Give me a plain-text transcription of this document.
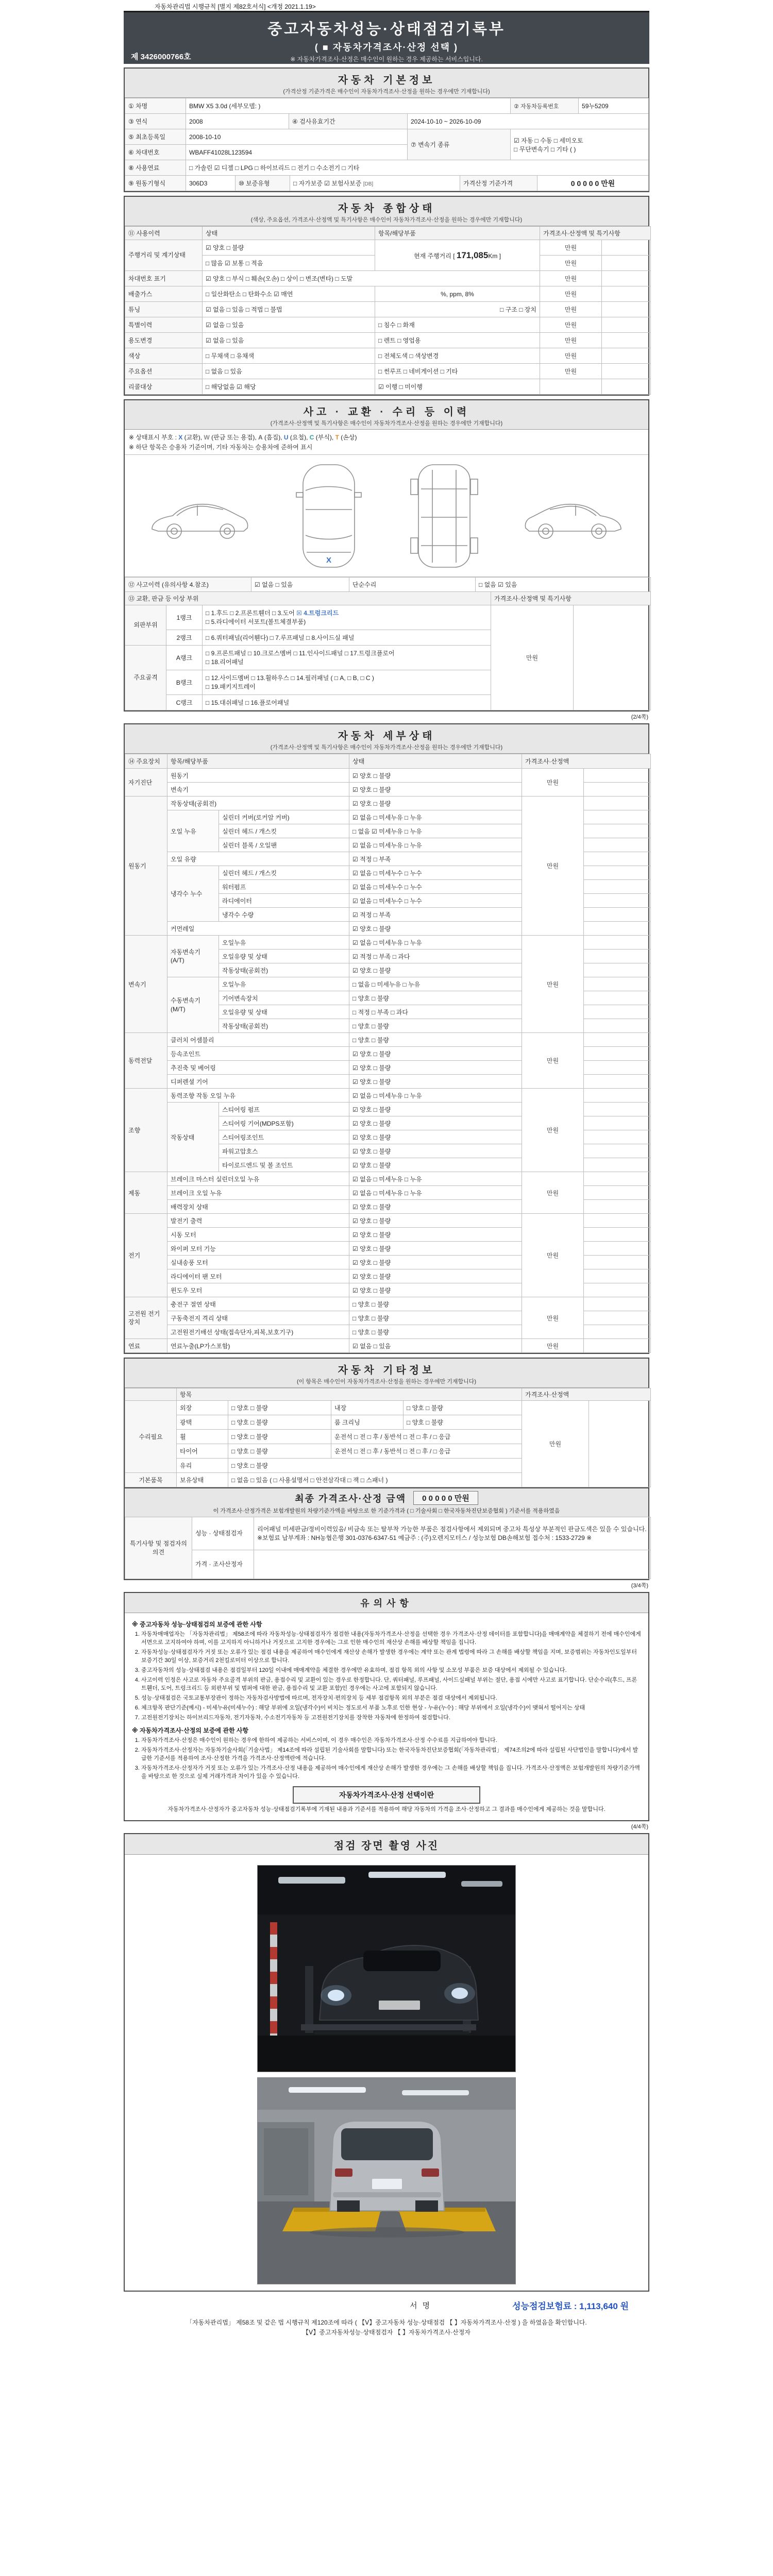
자동차관리법 시행규칙 [별지 제82호서식] <개정 2021.1.19>
중고자동차성능·상태점검기록부
( ■ 자동차가격조사·산정 선택 )
※ 자동차가격조사·산정은 매수인이 원하는 경우 제공하는 서비스입니다.
제 3426000766호
자동차 기본정보
(가격산정 기준가격은 매수인이 자동차가격조사·산정을 원하는 경우에만 기재합니다)
① 차명	BMW X5 3.0d (세부모델: )			② 자동차등록번호	59누5209
③ 연식	2008	④ 검사유효기간	2024-10-10 ~ 2026-10-09		
⑤ 최초등록일	2008-10-10		⑦ 변속기 종류	☑ 자동 □ 수동 □ 세미오토
□ 무단변속기 □ 기타 ( )	
⑥ 차대번호	WBAFF41028L123594				
⑧ 사용연료	□ 가솔린 ☑ 디젤 □ LPG □ 하이브리드 □ 전기 □ 수소전기 □ 기타				
⑨ 원동기형식	306D3	⑩ 보증유형	□ 자가보증 ☑ 보험사보증 [DB]	가격산정 기준가격	0 0 0 0 0 만원
자동차 종합상태
(색상, 주요옵션, 가격조사·산정액 및 특기사항은 매수인이 자동차가격조사·산정을 원하는 경우에만 기재합니다)
⑪ 사용이력	상태	항목/해당부품	가격조사·산정액 및 특기사항	
주행거리 및 계기상태	☑ 양호 □ 불량	현재 주행거리 [ 171,085Km ]	만원	
	□ 많음 ☑ 보통 □ 적음		만원	
차대번호 표기	☑ 양호 □ 부식 □ 훼손(오손) □ 상이 □ 변조(변타) □ 도말		만원	
배출가스	□ 일산화탄소 □ 탄화수소 ☑ 매연	%, ppm, 8%	만원	
튜닝	☑ 없음 □ 있음 □ 적법 □ 불법	□ 구조 □ 장치	만원	
특별이력	☑ 없음 □ 있음	□ 침수 □ 화재	만원	
용도변경	☑ 없음 □ 있음	□ 렌트 □ 영업용	만원	
색상	□ 무채색 □ 유채색	□ 전체도색 □ 색상변경	만원	
주요옵션	□ 없음 □ 있음	□ 썬루프 □ 네비게이션 □ 기타	만원	
리콜대상	□ 해당없음 ☑ 해당	☑ 이행 □ 미이행		
사고 · 교환 · 수리 등 이력
(가격조사·산정액 및 특기사항은 매수인이 자동차가격조사·산정을 원하는 경우에만 기재합니다)
※ 상태표시 부호 : X (교환), W (판금 또는 용접), A (흠집), U (요철), C (부식), T (손상)
※ 하단 항목은 승용차 기준이며, 기타 자동차는 승용차에 준하여 표시
X
⑫ 사고이력 (유의사항 4.참조)	☑ 없음 □ 있음	단순수리	□ 없음 ☑ 있음
⑬ 교환, 판금 등 이상 부위			가격조사·산정액 및 특기사항	
외판부위	1랭크	□ 1.후드 □ 2.프론트휀더 □ 3.도어 ☒ 4.트렁크리드
□ 5.라디에이터 서포트(볼트체결부품)	만원	
	2랭크	□ 6.쿼터패널(리어휀다) □ 7.루프패널 □ 8.사이드실 패널		
주요골격	A랭크	□ 9.프론트패널 □ 10.크로스멤버 □ 11.인사이드패널 □ 17.트렁크플로어
□ 18.리어패널		
	B랭크	□ 12.사이드멤버 □ 13.휠하우스 □ 14.필러패널 ( □ A, □ B, □ C )
□ 19.패키지트레이		
	C랭크	□ 15.대쉬패널 □ 16.플로어패널		
(2/4쪽)
자동차 세부상태
(가격조사·산정액 및 특기사항은 매수인이 자동차가격조사·산정을 원하는 경우에만 기재합니다)
⑭ 주요장치	항목/해당부품		상태	가격조사·산정액	
자기진단	원동기		☑ 양호 □ 불량	만원	
	변속기		☑ 양호 □ 불량		
원동기	작동상태(공회전)		☑ 양호 □ 불량	만원	
	오일 누유	실린더 커버(로커암 커버)	☑ 없음 □ 미세누유 □ 누유		
		실린더 헤드 / 개스킷	□ 없음 ☑ 미세누유 □ 누유		
		실린더 블록 / 오일팬	☑ 없음 □ 미세누유 □ 누유		
	오일 유량		☑ 적정 □ 부족		
	냉각수 누수	실린더 헤드 / 개스킷	☑ 없음 □ 미세누수 □ 누수		
		워터펌프	☑ 없음 □ 미세누수 □ 누수		
		라디에이터	☑ 없음 □ 미세누수 □ 누수		
		냉각수 수량	☑ 적정 □ 부족		
	커먼레일		☑ 양호 □ 불량		
변속기	자동변속기 (A/T)	오일누유	☑ 없음 □ 미세누유 □ 누유	만원	
		오일유량 및 상태	☑ 적정 □ 부족 □ 과다		
		작동상태(공회전)	☑ 양호 □ 불량		
	수동변속기 (M/T)	오일누유	□ 없음 □ 미세누유 □ 누유		
		기어변속장치	□ 양호 □ 불량		
		오일유량 및 상태	□ 적정 □ 부족 □ 과다		
		작동상태(공회전)	□ 양호 □ 불량		
동력전달	클러치 어셈블리		□ 양호 □ 불량	만원	
	등속조인트		☑ 양호 □ 불량		
	추진축 및 베어링		☑ 양호 □ 불량		
	디퍼렌셜 기어		☑ 양호 □ 불량		
조향	동력조향 작동 오일 누유		☑ 없음 □ 미세누유 □ 누유	만원	
	작동상태	스티어링 펌프	☑ 양호 □ 불량		
		스티어링 기어(MDPS포함)	☑ 양호 □ 불량		
		스티어링조인트	☑ 양호 □ 불량		
		파워고압호스	☑ 양호 □ 불량		
		타이로드엔드 및 볼 조인트	☑ 양호 □ 불량		
제동	브레이크 마스터 실린더오일 누유		☑ 없음 □ 미세누유 □ 누유	만원	
	브레이크 오일 누유		☑ 없음 □ 미세누유 □ 누유		
	배력장치 상태		☑ 양호 □ 불량		
전기	발전기 출력		☑ 양호 □ 불량	만원	
	시동 모터		☑ 양호 □ 불량		
	와이퍼 모터 기능		☑ 양호 □ 불량		
	실내송풍 모터		☑ 양호 □ 불량		
	라디에이터 팬 모터		☑ 양호 □ 불량		
	윈도우 모터		☑ 양호 □ 불량		
고전원 전기장치	충전구 절연 상태		□ 양호 □ 불량	만원	
	구동축전지 격리 상태		□ 양호 □ 불량		
	고전원전기배선 상태(접속단자,피복,보호기구)		□ 양호 □ 불량		
연료	연료누출(LP가스포함)		☑ 없음 □ 있음	만원	
자동차 기타정보
(이 항목은 매수인이 자동차가격조사·산정을 원하는 경우에만 기재합니다)
	항목				가격조사·산정액	
수리필요	외장	□ 양호 □ 불량	내장	□ 양호 □ 불량	만원	
	광택	□ 양호 □ 불량	룸 크리닝	□ 양호 □ 불량		
	휠	□ 양호 □ 불량	운전석 □ 전 □ 후 / 동반석 □ 전 □ 후 / □ 응급			
	타이어	□ 양호 □ 불량	운전석 □ 전 □ 후 / 동반석 □ 전 □ 후 / □ 응급			
	유리	□ 양호 □ 불량				
기본품목	보유상태	□ 없음 □ 있음 ( □ 사용설명서 □ 안전삼각대 □ 잭 □ 스패너 )				
최종 가격조사·산정 금액	0 0 0 0 0 만원
이 가격조사·산정가격은 보험개발원의 차량기준가액을 바탕으로 한 기준가격과 ( □ 기술사회 □ 한국자동차진단보증협회 ) 기준서를 적용하였음
특기사항 및 점검자의 의견	성능 · 상태점검자	리어패널 미세판금/정비이력있음/ 비금속 또는 탈부착 가능한 부품은 점검사항에서 제외되며 중고차 특성상 부분적인 판금도색은 있을 수 있습니다. ※보험료 납부계좌 : NH농협은행 301-0376-6347-51 예금주 : (주)오렌지모터스 / 성능보험 DB손해보험 접수처 : 1533-2729 ※
	가격 · 조사산정자	
(3/4쪽)
유의사항
※ 중고자동차 성능·상태점검의 보증에 관한 사항
1. 자동차매매업자는 「자동차관리법」 제58조에 따라 자동차성능·상태점검자가 점검한 내용(자동차가격조사·산정을 선택한 경우 가격조사·산정 데이터를 포함합니다)을 매매계약을 체결하기 전에 매수인에게 서면으로 고지하여야 하며, 이를 고지하지 아니하거나 거짓으로 고지한 경우에는 그로 인한 매수인의 재산상 손해를 배상할 책임을 집니다.
2. 자동차성능·상태점검자가 거짓 또는 오류가 있는 점검 내용을 제공하여 매수인에게 재산상 손해가 발생한 경우에는 계약 또는 관계 법령에 따라 그 손해를 배상할 책임을 지며, 보증범위는 자동차인도일부터 보증기간 30일 이상, 보증거리 2천킬로미터 이상으로 합니다.
3. 중고자동차의 성능·상태점검 내용은 점검일부터 120일 이내에 매매계약을 체결한 경우에만 유효하며, 점검 항목 외의 사항 및 소모성 부품은 보증 대상에서 제외될 수 있습니다.
4. 사고이력 인정은 사고로 자동차 주요골격 부위의 판금, 용접수리 및 교환이 있는 경우로 한정합니다. 단, 쿼터패널, 루프패널, 사이드실패널 부위는 절단, 용접 시에만 사고로 표기합니다. 단순수리(후드, 프론트휀더, 도어, 트렁크리드 등 외판부위 및 범퍼에 대한 판금, 용접수리 및 교환 포함)인 경우에는 사고에 포함되지 않습니다.
5. 성능·상태점검은 국토교통부장관이 정하는 자동차검사방법에 따르며, 전자장치·편의장치 등 세부 점검항목 외의 부분은 점검 대상에서 제외됩니다.
6. 체크항목 판단기준(예시) - 미세누유(미세누수) : 해당 부위에 오일(냉각수)이 비치는 정도로서 부품 노후로 인한 현상 - 누유(누수) : 해당 부위에서 오일(냉각수)이 맺혀서 떨어지는 상태
7. 고전원전기장치는 하이브리드자동차, 전기자동차, 수소전기자동차 등 고전원전기장치를 장착한 자동차에 한정하여 점검합니다.
※ 자동차가격조사·산정의 보증에 관한 사항
1. 자동차가격조사·산정은 매수인이 원하는 경우에 한하여 제공하는 서비스이며, 이 경우 매수인은 자동차가격조사·산정 수수료를 지급하여야 합니다.
2. 자동차가격조사·산정자는 자동차기술사회(「기술사법」 제14조에 따라 설립된 기술사회를 말합니다) 또는 한국자동차진단보증협회(「자동차관리법」 제74조의2에 따라 설립된 사단법인을 말합니다)에서 발급한 기준서를 적용하여 조사·산정한 가격을 가격조사·산정액란에 적습니다.
3. 자동차가격조사·산정자가 거짓 또는 오류가 있는 가격조사·산정 내용을 제공하여 매수인에게 재산상 손해가 발생한 경우에는 그 손해를 배상할 책임을 집니다. 가격조사·산정액은 보험개발원의 차량기준가액을 바탕으로 한 것으로 실제 거래가격과 차이가 있을 수 있습니다.
자동차가격조사·산정 선택이란
자동차가격조사·산정자가 중고자동차 성능·상태점검기록부에 기재된 내용과 기준서를 적용하여 해당 자동차의 가격을 조사·산정하고 그 결과를 매수인에게 제공하는 것을 말합니다.
(4/4쪽)
점검 장면 촬영 사진
서명	성능점검보험료 : 1,113,640 원
「자동차관리법」 제58조 및 같은 법 시행규칙 제120조에 따라 ( 【Ⅴ】중고자동차 성능·상태점검 【 】자동차가격조사·산정 ) 을 하였음을 확인합니다.
【Ⅴ】중고자동차성능·상태점검자 【 】자동차가격조사·산정자
